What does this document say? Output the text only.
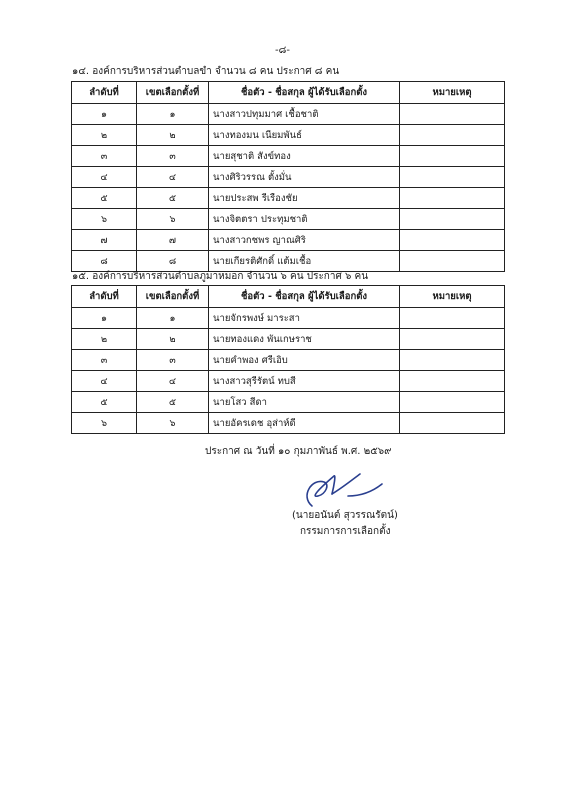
-๘-
๑๔. องค์การบริหารส่วนตำบลขำ จำนวน ๘ คน ประกาศ ๘ คน
ลำดับที่	เขตเลือกตั้งที่	ชื่อตัว - ชื่อสกุล ผู้ได้รับเลือกตั้ง	หมายเหตุ
๑	๑	นางสาวปทุมมาศ เชื้อชาติ	
๒	๒	นางทองมน เนียมพันธ์	
๓	๓	นายสุชาติ สังข์ทอง	
๔	๔	นางศิริวรรณ ตั้งมั่น	
๕	๕	นายประสพ รีเรืองชัย	
๖	๖	นางจิตตรา ประทุมชาติ	
๗	๗	นางสาวกชพร ญาณศิริ	
๘	๘	นายเกียรติศักดิ์ แต้มเชื้อ	
๑๕. องค์การบริหารส่วนตำบลภูมาหมอก จำนวน ๖ คน ประกาศ ๖ คน
ลำดับที่	เขตเลือกตั้งที่	ชื่อตัว - ชื่อสกุล ผู้ได้รับเลือกตั้ง	หมายเหตุ
๑	๑	นายจักรพงษ์ มาระสา	
๒	๒	นายทองแดง พันเกษราช	
๓	๓	นายคำพอง ศรีเอิบ	
๔	๔	นางสาวสุรีรัตน์ ทบสี	
๕	๕	นายโสว สีดา	
๖	๖	นายอัครเดช อุส่าห์ดี	
ประกาศ ณ วันที่ ๑๐ กุมภาพันธ์ พ.ศ. ๒๕๖๙
(นายอนันต์ สุวรรณรัตน์)
กรรมการการเลือกตั้ง
